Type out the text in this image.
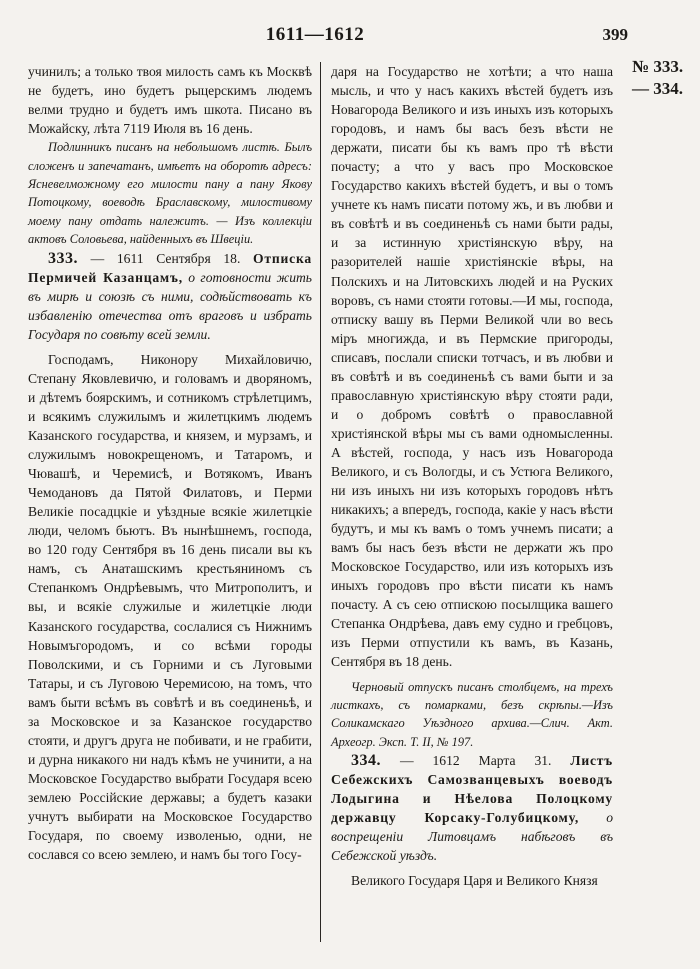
1611—1612	399
№ 333.
— 334.

учинилъ; а только твоя милость самъ къ Москвѣ не будетъ, ино будетъ рыцерскимъ людемъ велми трудно и будетъ имъ шкота. Писано въ Можайску, лѣта 7119 Июля въ 16 день.

Подлинникъ писанъ на небольшомъ листѣ. Былъ сложенъ и запечатанъ, имѣетъ на оборотѣ адресъ: Ясневелможному его милости пану а пану Якову Потоцкому, воеводѣ Браславскому, милостивому моему пану отдать належитъ. — Изъ коллекціи актовъ Соловьева, найденныхъ въ Швеціи.

333. — 1611 Сентября 18. Отписка Пермичей Казанцамъ, о готовности жить въ мирѣ и союзѣ съ ними, содѣйствовать къ избавленію отечества отъ враговъ и избрать Государя по совѣту всей земли.

Господамъ, Никонору Михайловичю, Степану Яковлевичю, и головамъ и дворяномъ, и дѣтемъ боярскимъ, и сотникомъ стрѣлетцимъ, и всякимъ служилымъ и жилетцкимъ людемъ Казанского государства, и князем, и мурзамъ, и служилымъ новокрещеномъ, и Татаромъ, и Чювашѣ, и Черемисѣ, и Вотякомъ, Иванъ Чемодановъ да Пятой Филатовъ, и Перми Великіе посадцкіе и уѣздные всякіе жилетцкіе люди, челомъ бьютъ. Въ нынѣшнемъ, господа, во 120 году Сентября въ 16 день писали вы къ намъ, съ Анаташскимъ крестьяниномъ съ Степанкомъ Ондрѣевымъ, что Митрополитъ, и вы, и всякіе служилые и жилетцкіе люди Казанского государства, сослалися съ Нижнимъ Новымъгородомъ, и со всѣми городы Поволскими, и съ Горними и съ Луговыми Татары, и съ Луговою Черемисою, на томъ, что вамъ быти всѣмъ въ совѣтѣ и въ соединеньѣ, и за Московское и за Казанское государство стояти, и другъ друга не побивати, и не грабити, и дурна никакого ни надъ кѣмъ не учинити, а на Московское Государство выбрати Государя всею землею Россійские державы; а будетъ казаки учнутъ выбирати на Московское Государство Государя, по своему изволенью, одни, не сослався со всею землею, и намъ бы того Госу-

даря на Государство не хотѣти; а что наша мысль, и что у насъ какихъ вѣстей будетъ изъ Новагорода Великого и изъ иныхъ изъ которыхъ городовъ, и намъ бы васъ безъ вѣсти не держати, писати бы къ вамъ про тѣ вѣсти почасту; а что у васъ про Московское Государство какихъ вѣстей будетъ, и вы о томъ учнете къ намъ писати потому жъ, и въ любви и въ совѣтѣ и въ соединеньѣ съ нами быти рады, и за истинную христіянскую вѣру, на разорителей нашіе христіянскіе вѣры, на Полскихъ и на Литовскихъ людей и на Руских воровъ, съ нами стояти готовы.—И мы, господа, отписку вашу въ Перми Великой чли во весь міръ многижда, и въ Пермские пригороды, списавъ, послали списки тотчасъ, и въ любви и въ совѣтѣ и въ соединеньѣ съ вами быти и за православную христіянскую вѣру стояти ради, и о добромъ совѣтѣ о православной христіянской вѣры мы съ вами одномысленны. А вѣстей, господа, у насъ изъ Новагорода Великого, и съ Вологды, и съ Устюга Великого, ни изъ иныхъ ни изъ которыхъ городовъ нѣтъ никакихъ; а впередъ, господа, какіе у насъ вѣсти будутъ, и мы къ вамъ о томъ учнемъ писати; а вамъ бы насъ безъ вѣсти не держати жъ про Московское Государство, или изъ которыхъ изъ иныхъ городовъ про вѣсти писати къ намъ почасту. А съ сею отпискою посылщика вашего Степанка Ондрѣева, давъ ему судно и гребцовъ, изъ Перми отпустили къ вамъ, въ Казань, Сентября въ 18 день.

Черновый отпускъ писанъ столбцемъ, на трехъ листкахъ, съ помарками, безъ скрѣпы.—Изъ Соликамскаго Уѣздного архива.—Слич. Акт. Археогр. Эксп. Т. II, № 197.

334. — 1612 Марта 31. Листъ Себежскихъ Самозванцевыхъ воеводъ Лодыгина и Нѣелова Полоцкому державцу Корсаку-Голубицкому, о воспрещеніи Литовцамъ набѣговъ въ Себежской уѣздъ.

Великого Государя Царя и Великого Князя
